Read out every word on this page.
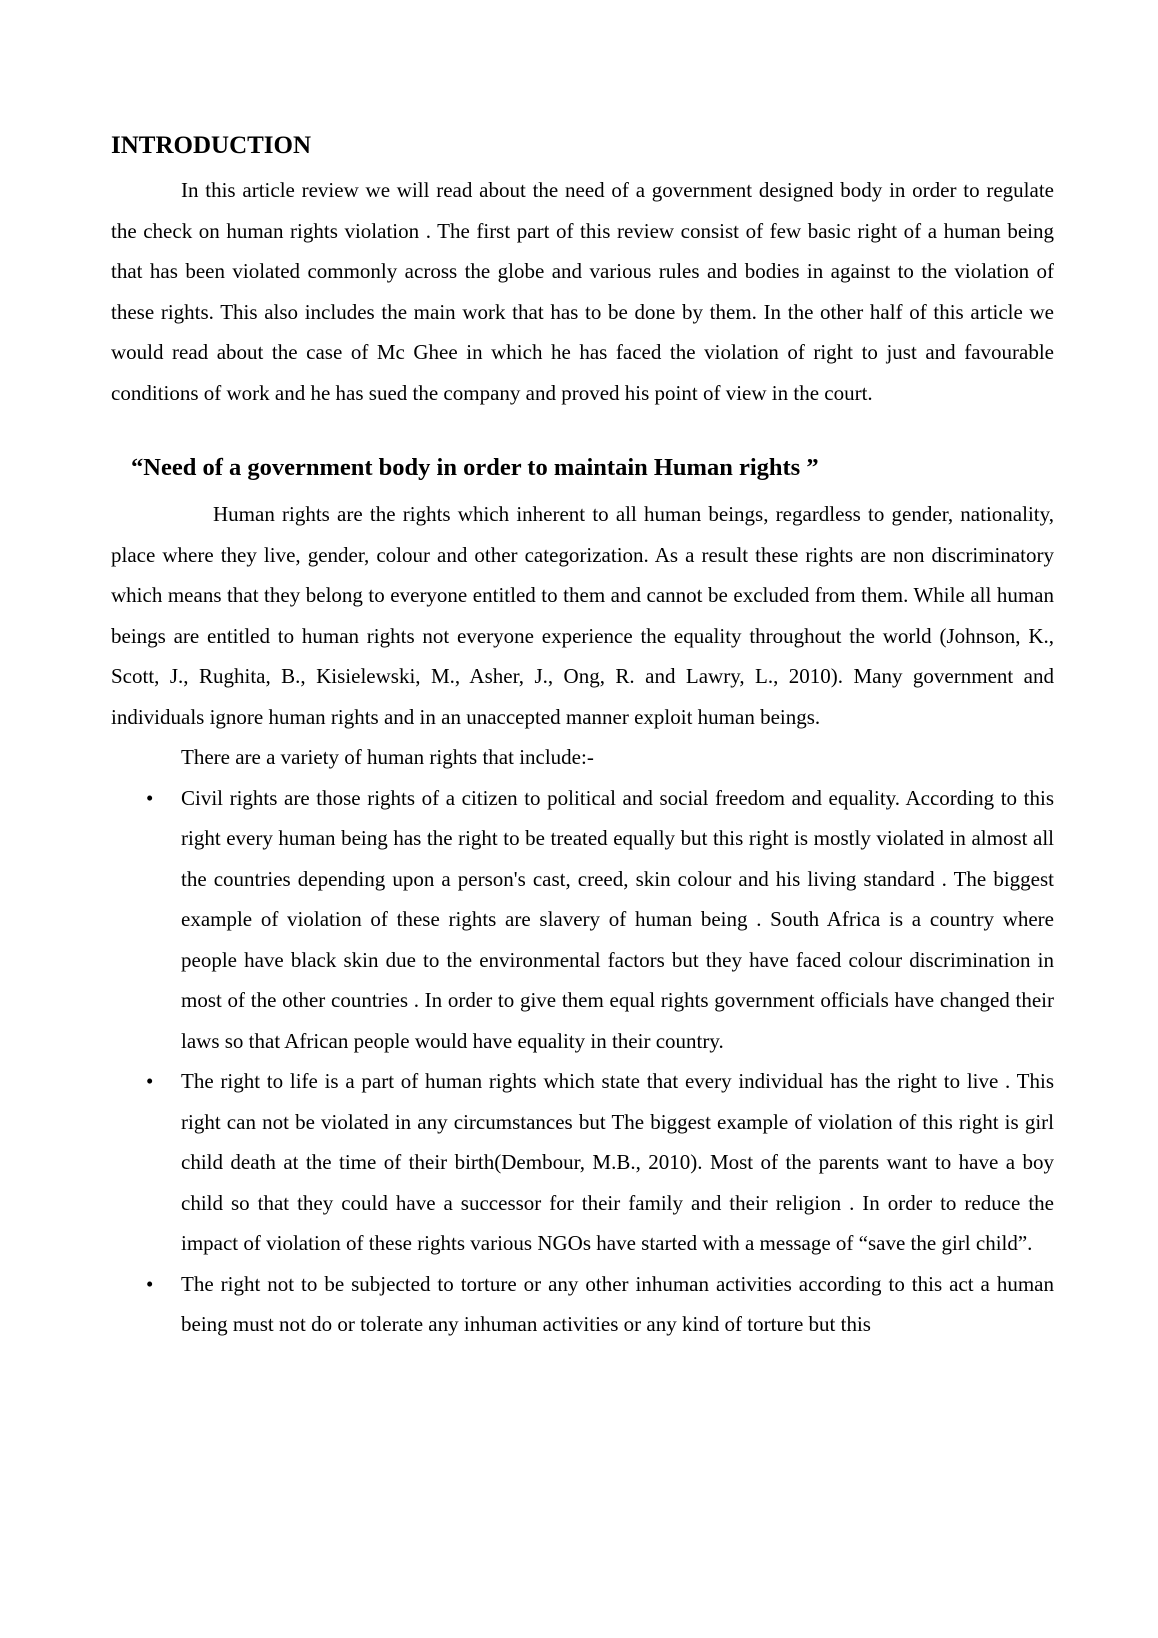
INTRODUCTION

In this article review we will read about the need of a government designed body in order to regulate the check on human rights violation . The first part of this review consist of few basic right of a human being that has been violated commonly across the globe and various rules and bodies in against to the violation of these rights. This also includes the main work that has to be done by them. In the other half of this article we would read about the case of Mc Ghee in which he has faced the violation of right to just and favourable conditions of work and he has sued the company and proved his point of view in the court.

“Need of a government body in order to maintain Human rights ”

Human rights are the rights which inherent to all human beings, regardless to gender, nationality, place where they live, gender, colour and other categorization. As a result these rights are non discriminatory which means that they belong to everyone entitled to them and cannot be excluded from them. While all human beings are entitled to human rights not everyone experience the equality throughout the world (Johnson, K., Scott, J., Rughita, B., Kisielewski, M., Asher, J., Ong, R. and Lawry, L., 2010). Many government and individuals ignore human rights and in an unaccepted manner exploit human beings.

There are a variety of human rights that include:-

• Civil rights are those rights of a citizen to political and social freedom and equality. According to this right every human being has the right to be treated equally but this right is mostly violated in almost all the countries depending upon a person's cast, creed, skin colour and his living standard . The biggest example of violation of these rights are slavery of human being . South Africa is a country where people have black skin due to the environmental factors but they have faced colour discrimination in most of the other countries . In order to give them equal rights government officials have changed their laws so that African people would have equality in their country.

• The right to life is a part of human rights which state that every individual has the right to live . This right can not be violated in any circumstances but The biggest example of violation of this right is girl child death at the time of their birth(Dembour, M.B., 2010). Most of the parents want to have a boy child so that they could have a successor for their family and their religion . In order to reduce the impact of violation of these rights various NGOs have started with a message of “save the girl child”.

• The right not to be subjected to torture or any other inhuman activities according to this act a human being must not do or tolerate any inhuman activities or any kind of torture but this
